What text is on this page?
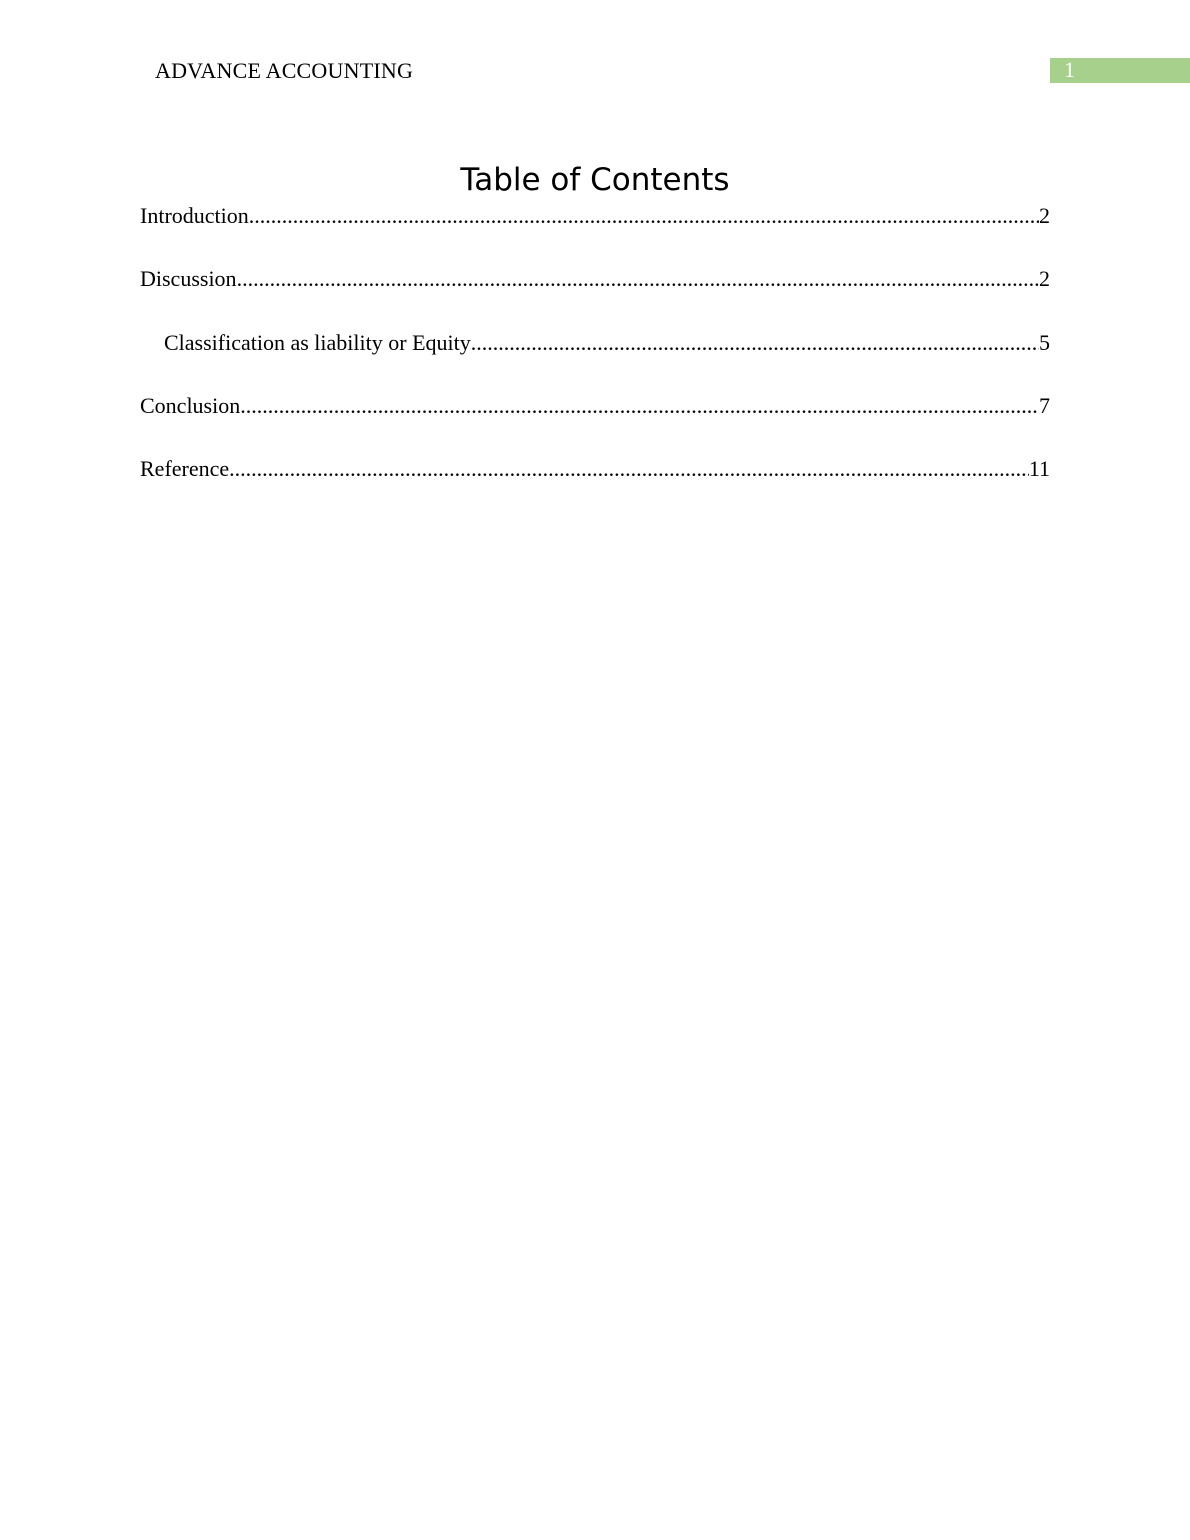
ADVANCE ACCOUNTING	1
Table of Contents
Introduction .....	2
Discussion .....	2
Classification as liability or Equity .....	5
Conclusion .....	7
Reference .....	11
